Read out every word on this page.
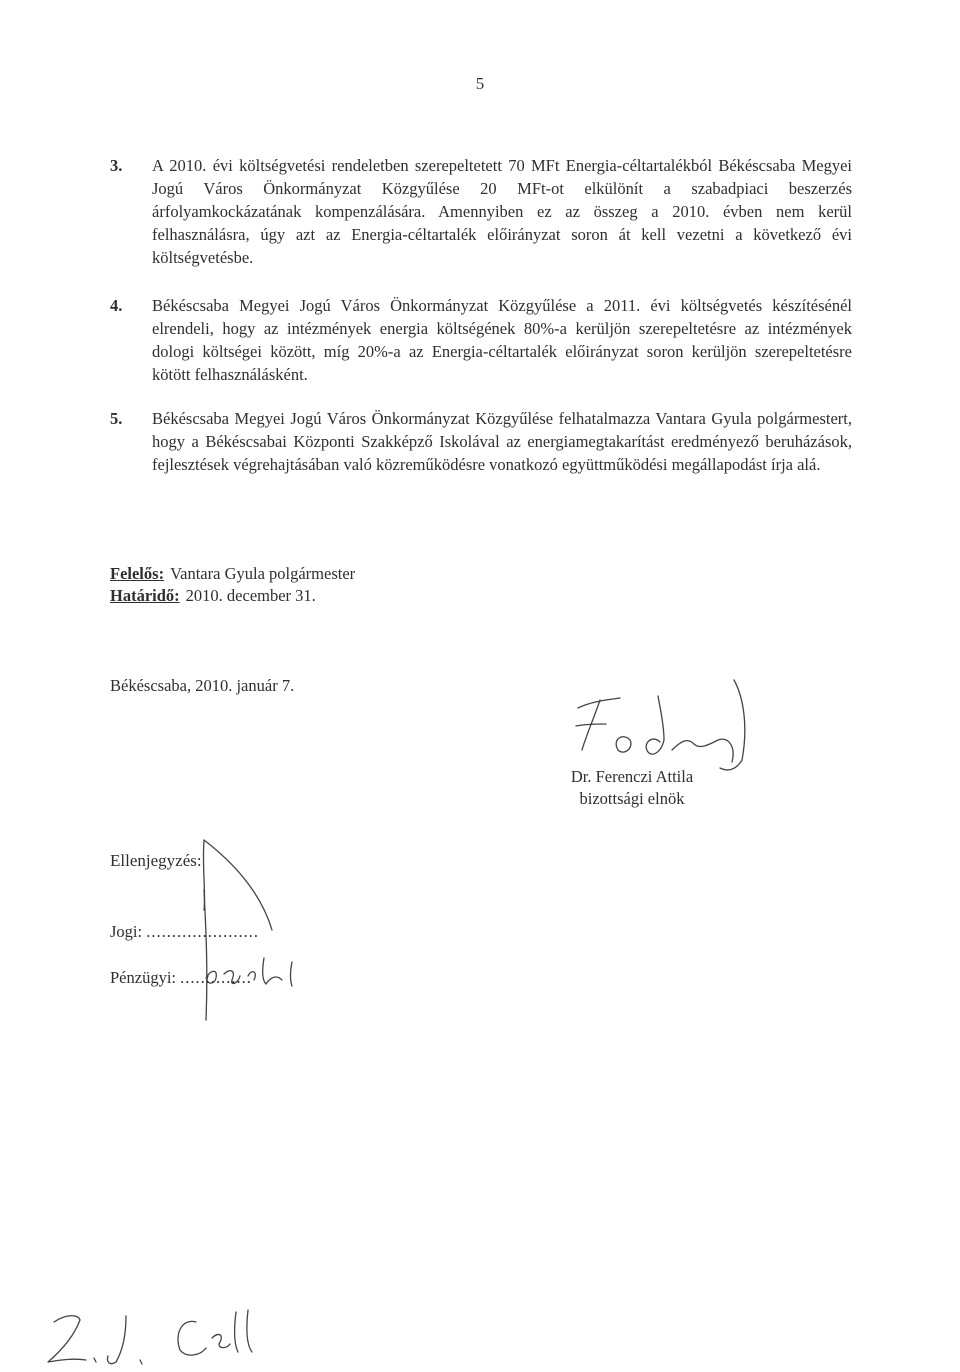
5
3. A 2010. évi költségvetési rendeletben szerepeltetett 70 MFt Energia-céltartalékból Békéscsaba Megyei Jogú Város Önkormányzat Közgyűlése 20 MFt-ot elkülönít a szabadpiaci beszerzés árfolyamkockázatának kompenzálására. Amennyiben ez az összeg a 2010. évben nem kerül felhasználásra, úgy azt az Energia-céltartalék előirányzat soron át kell vezetni a következő évi költségvetésbe.
4. Békéscsaba Megyei Jogú Város Önkormányzat Közgyűlése a 2011. évi költségvetés készítésénél elrendeli, hogy az intézmények energia költségének 80%-a kerüljön szerepeltetésre az intézmények dologi költségei között, míg 20%-a az Energia-céltartalék előirányzat soron kerüljön szerepeltetésre kötött felhasználásként.
5. Békéscsaba Megyei Jogú Város Önkormányzat Közgyűlése felhatalmazza Vantara Gyula polgármestert, hogy a Békéscsabai Központi Szakképző Iskolával az energiamegtakarítást eredményező beruházások, fejlesztések végrehajtásában való közreműködésre vonatkozó együttműködési megállapodást írja alá.
Felelős: Vantara Gyula polgármester
Határidő: 2010. december 31.
Békéscsaba, 2010. január 7.
Dr. Ferenczi Attila
bizottsági elnök
Ellenjegyzés:
Jogi: ......................
Pénzügyi: ..............
